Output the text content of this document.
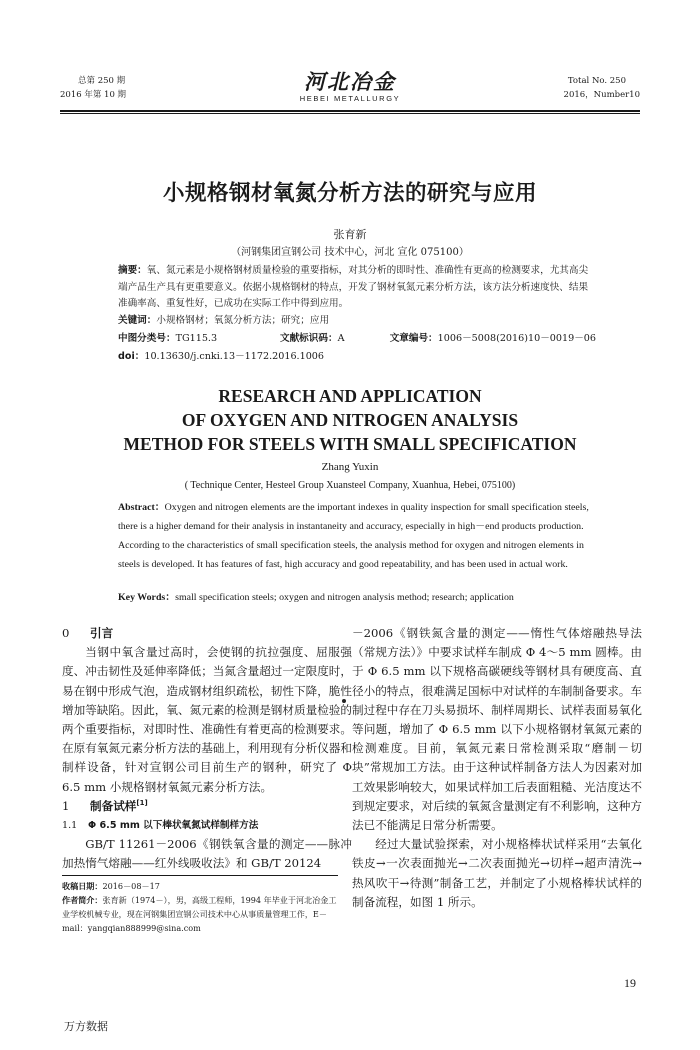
总第 250 期
2016 年第 10 期
河北冶金
HEBEI METALLURGY
Total No. 250
2016，Number10
小规格钢材氧氮分析方法的研究与应用
张育新
（河钢集团宣钢公司 技术中心，河北 宣化 075100）
摘要：氧、氮元素是小规格钢材质量检验的重要指标，对其分析的即时性、准确性有更高的检测要求，尤其高尖端产品生产具有更重要意义。依据小规格钢材的特点，开发了钢材氧氮元素分析方法，该方法分析速度快、结果准确率高、重复性好，已成功在实际工作中得到应用。
关键词：小规格钢材；氧氮分析方法；研究；应用
中图分类号：TG115.3	文献标识码：A	文章编号：1006－5008(2016)10－0019－06
doi：10.13630/j.cnki.13－1172.2016.1006
RESEARCH AND APPLICATION
OF OXYGEN AND NITROGEN ANALYSIS
METHOD FOR STEELS WITH SMALL SPECIFICATION
Zhang Yuxin
( Technique Center, Hesteel Group Xuansteel Company, Xuanhua, Hebei, 075100)
Abstract：Oxygen and nitrogen elements are the important indexes in quality inspection for small specification steels, there is a higher demand for their analysis in instantaneity and accuracy, especially in high－end products production. According to the characteristics of small specification steels, the analysis method for oxygen and nitrogen elements in steels is developed. It has features of fast, high accuracy and good repeatability, and has been used in actual work.
Key Words：small specification steels; oxygen and nitrogen analysis method; research; application
0 引言
当钢中氧含量过高时，会使钢的抗拉强度、屈服强度、冲击韧性及延伸率降低；当氮含量超过一定限度时，易在钢中形成气泡，造成钢材组织疏松，韧性下降，脆性增加等缺陷。因此，氧、氮元素的检测是钢材质量检验的两个重要指标，对即时性、准确性有着更高的检测要求。在原有氧氮元素分析方法的基础上，利用现有分析仪器和制样设备，针对宣钢公司目前生产的钢种，研究了 Φ 6.5 mm 小规格钢材氧氮元素分析方法。
1 制备试样[1]
1.1 Φ 6.5 mm 以下棒状氧氮试样制样方法
GB/T 11261－2006《钢铁氧含量的测定——脉冲加热惰气熔融——红外线吸收法》和 GB/T 20124
－2006《钢铁氮含量的测定——惰性气体熔融热导法（常规方法）》中要求试样车制成 Φ 4～5 mm 圆棒。由于 Φ 6.5 mm 以下规格高碳硬线等钢材具有硬度高、直径小的特点，很难满足国标中对试样的车制制备要求。车制过程中存在刀头易损坏、制样周期长、试样表面易氧化等问题，增加了 Φ 6.5 mm 以下小规格钢材氧氮元素的检测难度。目前，氧氮元素日常检测采取“磨制－切块”常规加工方法。由于这种试样制备方法人为因素对加工效果影响较大，如果试样加工后表面粗糙、光洁度达不到规定要求，对后续的氧氮含量测定有不利影响，这种方法已不能满足日常分析需要。
经过大量试验探索，对小规格棒状试样采用“去氧化铁皮→一次表面抛光→二次表面抛光→切样→超声清洗→热风吹干→待测”制备工艺，并制定了小规格棒状试样的制备流程，如图 1 所示。
收稿日期：2016－08－17
作者简介：张育新（1974－），男，高级工程师，1994 年毕业于河北冶金工业学校机械专业，现在河钢集团宣钢公司技术中心从事质量管理工作，E－mail：yangqian888999@sina.com
19
万方数据
